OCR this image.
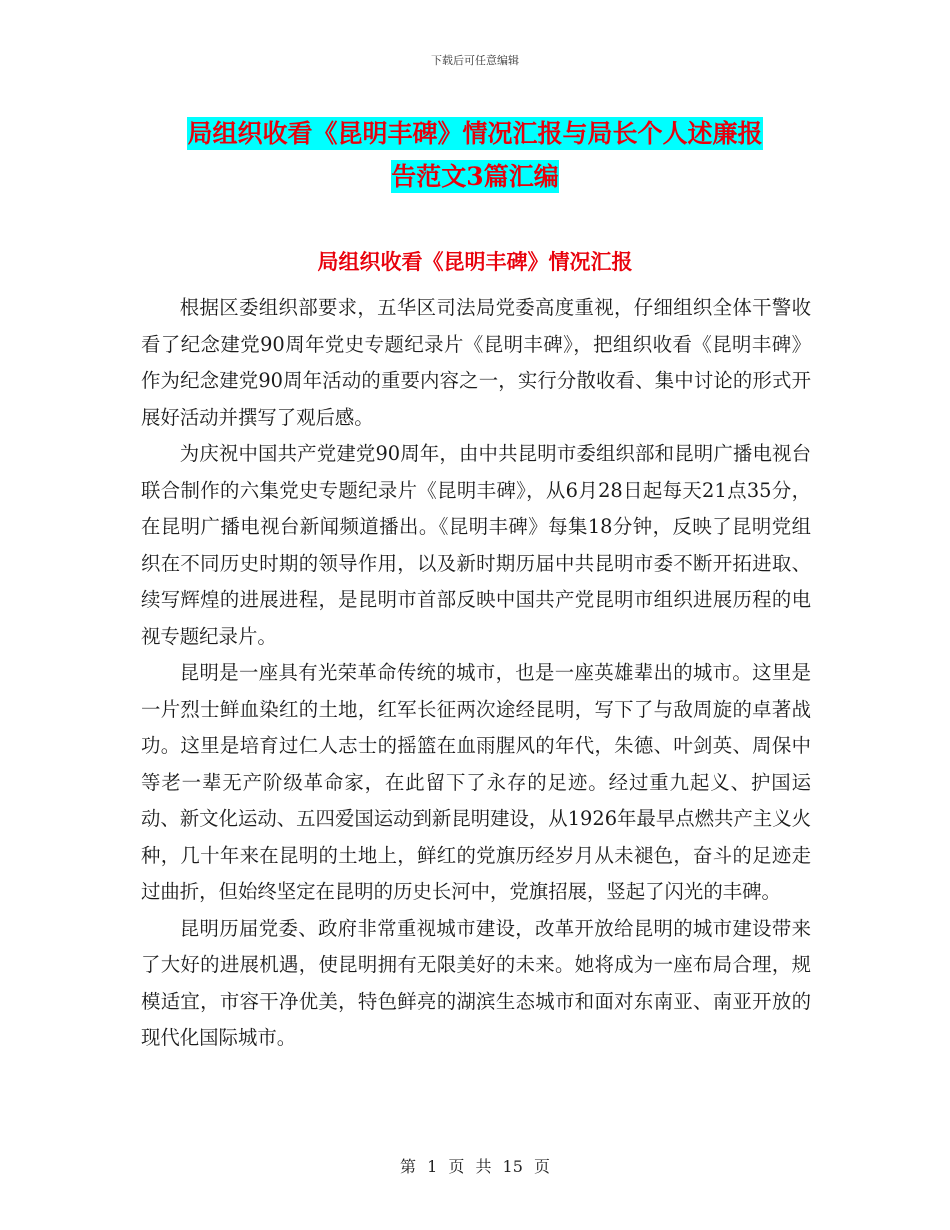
下载后可任意编辑
局组织收看《昆明丰碑》情况汇报与局长个人述廉报
告范文3篇汇编
局组织收看《昆明丰碑》情况汇报

根据区委组织部要求，五华区司法局党委高度重视，仔细组织全体干警收看了纪念建党90周年党史专题纪录片《昆明丰碑》，把组织收看《昆明丰碑》作为纪念建党90周年活动的重要内容之一，实行分散收看、集中讨论的形式开展好活动并撰写了观后感。

为庆祝中国共产党建党90周年，由中共昆明市委组织部和昆明广播电视台联合制作的六集党史专题纪录片《昆明丰碑》，从6月28日起每天21点35分，在昆明广播电视台新闻频道播出。《昆明丰碑》每集18分钟，反映了昆明党组织在不同历史时期的领导作用，以及新时期历届中共昆明市委不断开拓进取、续写辉煌的进展进程，是昆明市首部反映中国共产党昆明市组织进展历程的电视专题纪录片。

昆明是一座具有光荣革命传统的城市，也是一座英雄辈出的城市。这里是一片烈士鲜血染红的土地，红军长征两次途经昆明，写下了与敌周旋的卓著战功。这里是培育过仁人志士的摇篮在血雨腥风的年代，朱德、叶剑英、周保中等老一辈无产阶级革命家，在此留下了永存的足迹。经过重九起义、护国运动、新文化运动、五四爱国运动到新昆明建设，从1926年最早点燃共产主义火种，几十年来在昆明的土地上，鲜红的党旗历经岁月从未褪色，奋斗的足迹走过曲折，但始终坚定在昆明的历史长河中，党旗招展，竖起了闪光的丰碑。

昆明历届党委、政府非常重视城市建设，改革开放给昆明的城市建设带来了大好的进展机遇，使昆明拥有无限美好的未来。她将成为一座布局合理，规模适宜，市容干净优美，特色鲜亮的湖滨生态城市和面对东南亚、南亚开放的现代化国际城市。

第 1 页 共 15 页
